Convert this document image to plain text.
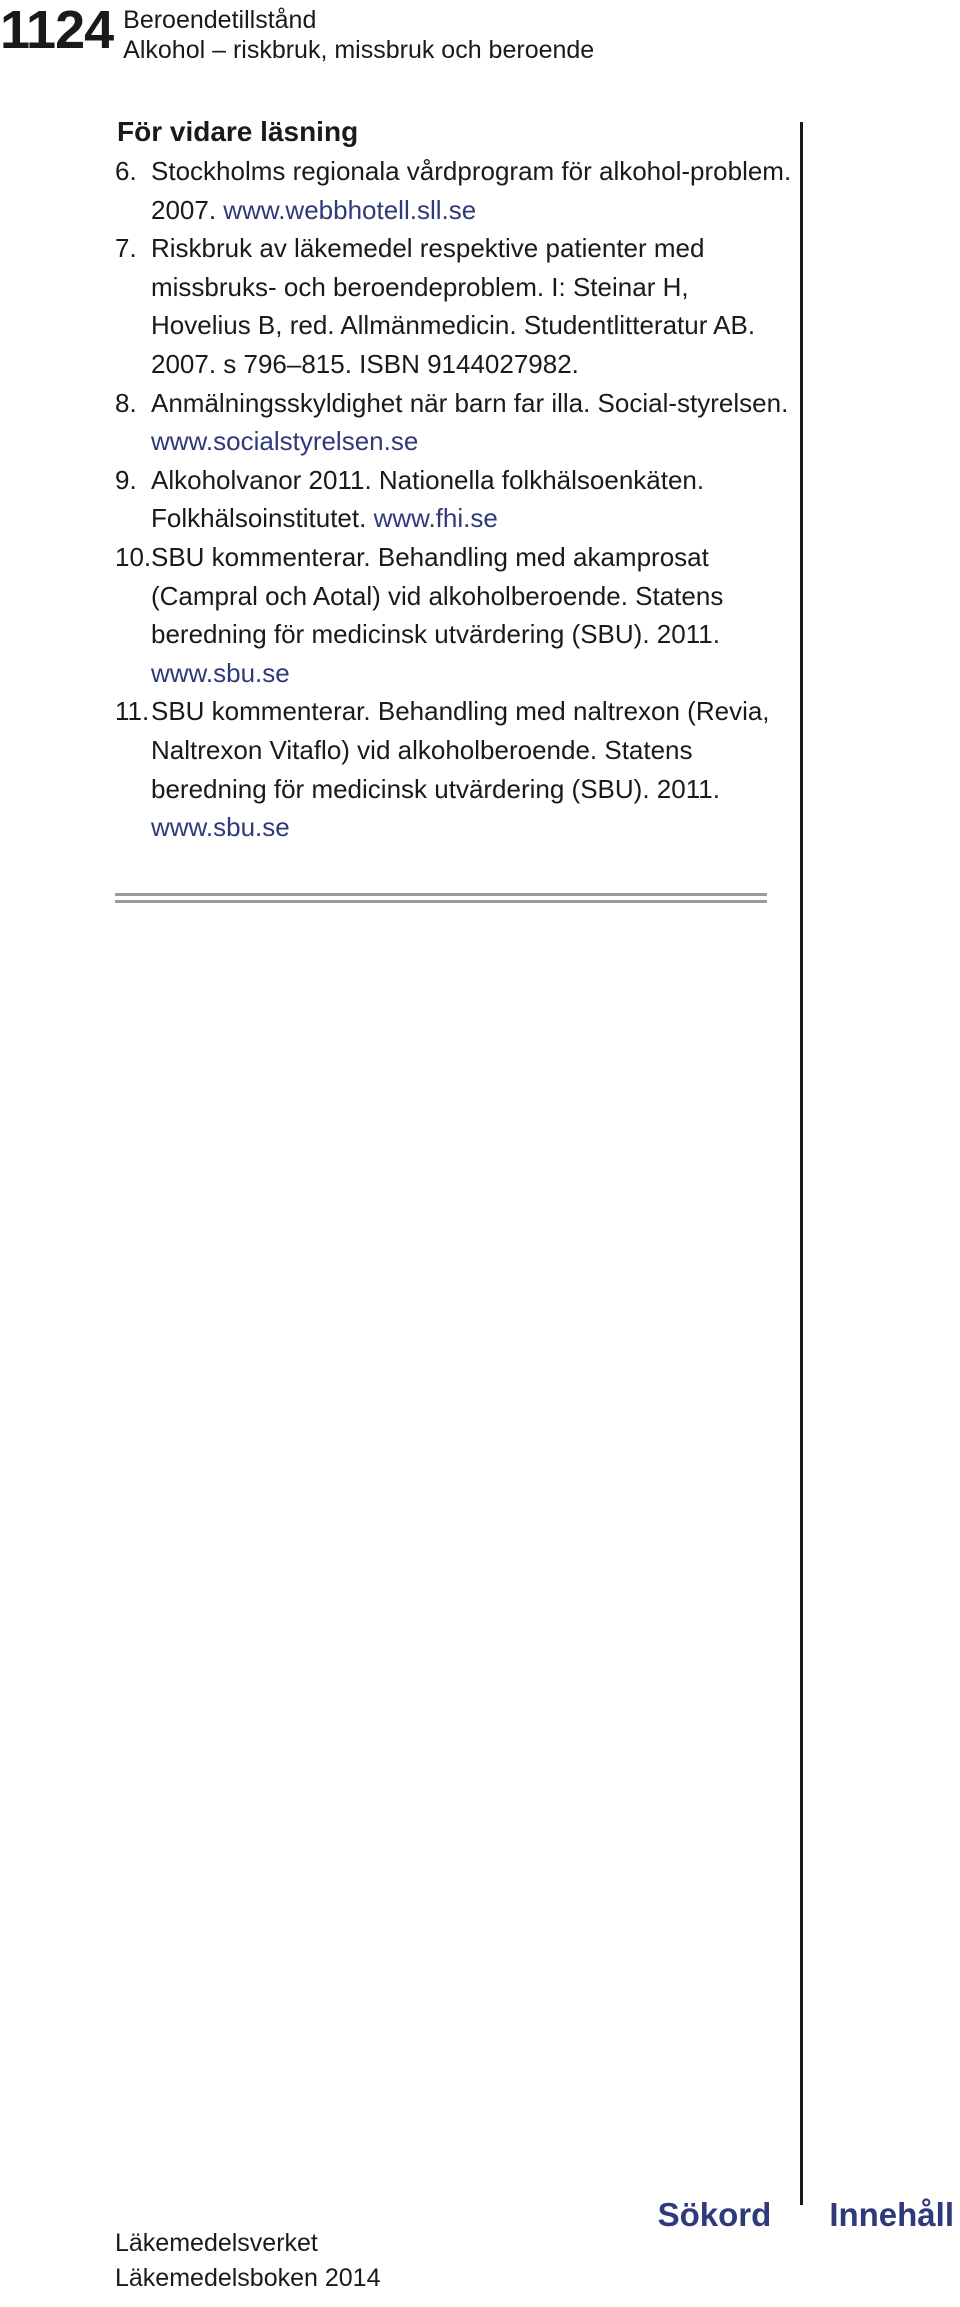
1124 Beroendetillstånd
Alkohol – riskbruk, missbruk och beroende
För vidare läsning
6. Stockholms regionala vårdprogram för alkohol-problem. 2007. www.webbhotell.sll.se
7. Riskbruk av läkemedel respektive patienter med missbruks- och beroendeproblem. I: Steinar H, Hovelius B, red. Allmänmedicin. Studentlitteratur AB. 2007. s 796–815. ISBN 9144027982.
8. Anmälningsskyldighet när barn far illa. Social-styrelsen. www.socialstyrelsen.se
9. Alkoholvanor 2011. Nationella folkhälsoenkäten. Folkhälsoinstitutet. www.fhi.se
10. SBU kommenterar. Behandling med akamprosat (Campral och Aotal) vid alkoholberoende. Statens beredning för medicinsk utvärdering (SBU). 2011. www.sbu.se
11. SBU kommenterar. Behandling med naltrexon (Revia, Naltrexon Vitaflo) vid alkoholberoende. Statens beredning för medicinsk utvärdering (SBU). 2011. www.sbu.se
Sökord Innehåll
Läkemedelsverket
Läkemedelsboken 2014
